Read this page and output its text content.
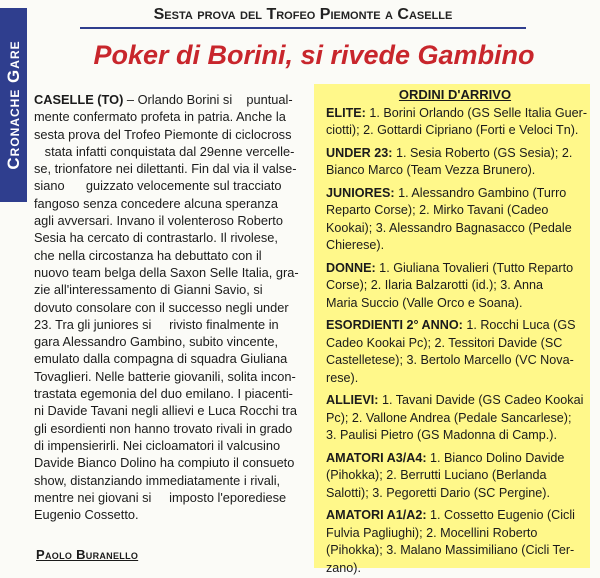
Cronache Gare
Sesta prova del Trofeo Piemonte a Caselle
Poker di Borini, si rivede Gambino
CASELLE (TO) – Orlando Borini si    puntual-
mente confermato profeta in patria. Anche la
sesta prova del Trofeo Piemonte di ciclocross
stata infatti conquistata dal 29enne vercelle-
se, trionfatore nei dilettanti. Fin dal via il valse-
siano      guizzato velocemente sul tracciato
fangoso senza concedere alcuna speranza
agli avversari. Invano il volenteroso Roberto
Sesia ha cercato di contrastarlo. Il rivolese,
che nella circostanza ha debuttato con il
nuovo team belga della Saxon Selle Italia, gra-
zie all'interessamento di Gianni Savio, si
dovuto consolare con il successo negli under
23. Tra gli juniores si     rivisto finalmente in
gara Alessandro Gambino, subito vincente,
emulato dalla compagna di squadra Giuliana
Tovaglieri. Nelle batterie giovanili, solita incon-
trastata egemonia del duo emilano. I piacenti-
ni Davide Tavani negli allievi e Luca Rocchi tra
gli esordienti non hanno trovato rivali in grado
di impensierirli. Nei cicloamatori il valcusino
Davide Bianco Dolino ha compiuto il consueto
show, distanziando immediatamente i rivali,
mentre nei giovani si     imposto l'eporediese
Eugenio Cossetto.
Paolo Buranello
ORDINI D'ARRIVO
ELITE: 1. Borini Orlando (GS Selle Italia Guer-
ciotti); 2. Gottardi Cipriano (Forti e Veloci Tn).
UNDER 23: 1. Sesia Roberto (GS Sesia); 2.
Bianco Marco (Team Vezza Brunero).
JUNIORES: 1. Alessandro Gambino (Turro
Reparto Corse); 2. Mirko Tavani (Cadeo
Kookai); 3. Alessandro Bagnasacco (Pedale
Chierese).
DONNE: 1. Giuliana Tovalieri (Tutto Reparto
Corse); 2. Ilaria Balzarotti (id.); 3. Anna
Maria Succio (Valle Orco e Soana).
ESORDIENTI 2° ANNO: 1. Rocchi Luca (GS
Cadeo Kookai Pc); 2. Tessitori Davide (SC
Castelletese); 3. Bertolo Marcello (VC Nova-
rese).
ALLIEVI: 1. Tavani Davide (GS Cadeo Kookai
Pc); 2. Vallone Andrea (Pedale Sancarlese);
3. Paulisi Pietro (GS Madonna di Camp.).
AMATORI A3/A4: 1. Bianco Dolino Davide
(Pihokka); 2. Berrutti Luciano (Berlanda
Salotti); 3. Pegoretti Dario (SC Pergine).
AMATORI A1/A2: 1. Cossetto Eugenio (Cicli
Fulvia Pagliughi); 2. Mocellini Roberto
(Pihokka); 3. Malano Massimiliano (Cicli Ter-
zano).
